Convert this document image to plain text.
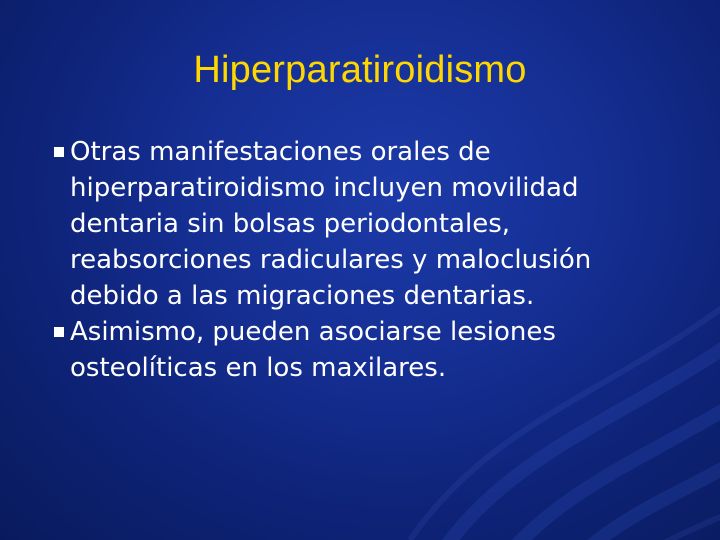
Hiperparatiroidismo
Otras manifestaciones orales de hiperparatiroidismo incluyen movilidad dentaria sin bolsas periodontales, reabsorciones radiculares y maloclusión debido a las migraciones dentarias.
Asimismo, pueden asociarse lesiones osteolíticas en los maxilares.
